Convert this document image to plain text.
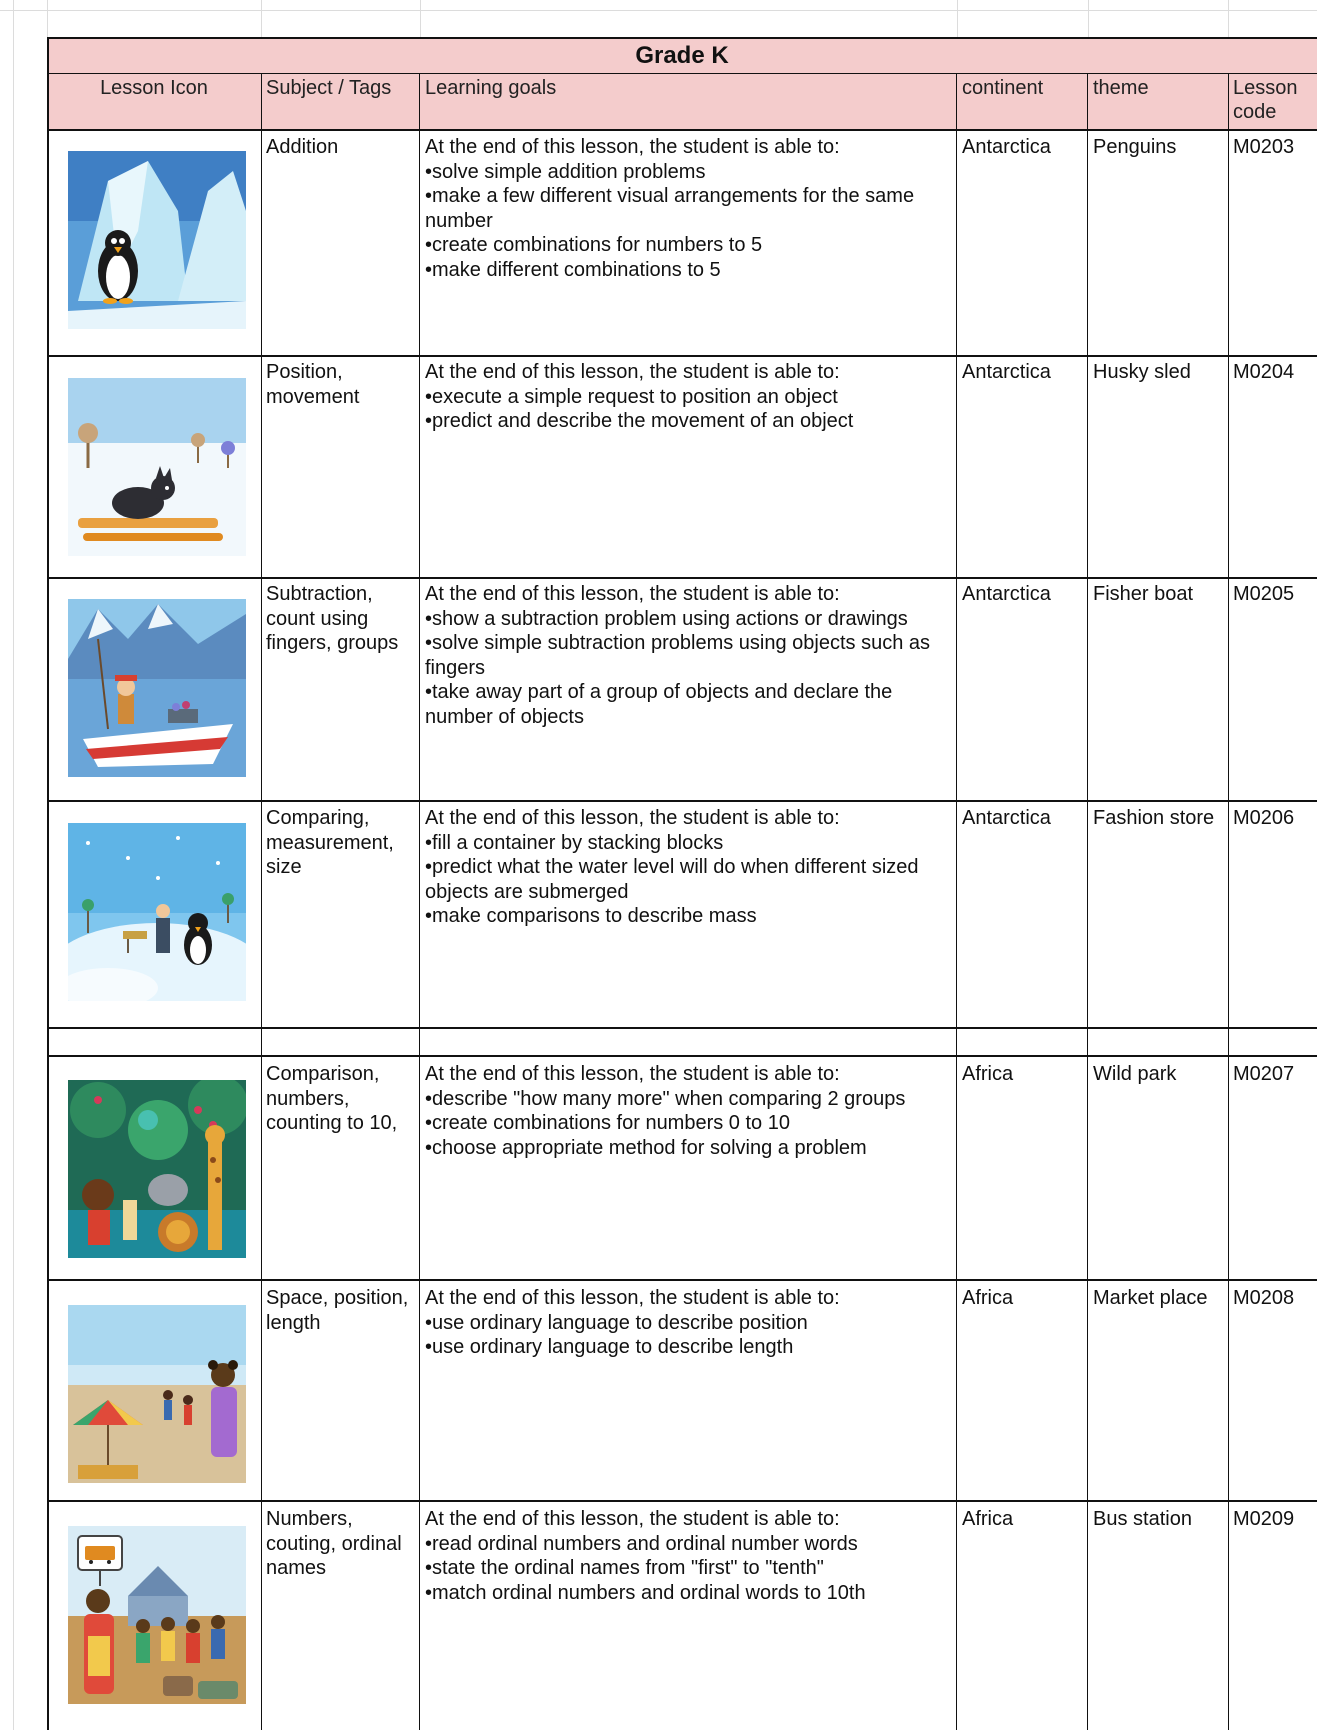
Grade K
Lesson Icon	Subject / Tags	Learning goals	continent	theme	Lesson code
Addition	At the end of this lesson, the student is able to:
•solve simple addition problems
•make a few different visual arrangements for the same number
•create combinations for numbers to 5
•make different combinations to 5
Antarctica	Penguins	M0203
Position, movement
At the end of this lesson, the student is able to:
•execute a simple request to position an object
•predict and describe the movement of an object
Antarctica	Husky sled	M0204
Subtraction, count using fingers, groups
At the end of this lesson, the student is able to:
•show a subtraction problem using actions or drawings
•solve simple subtraction problems using objects such as fingers
•take away part of a group of objects and declare the number of objects
Antarctica	Fisher boat	M0205
Comparing, measurement, size
At the end of this lesson, the student is able to:
•fill a container by stacking blocks
•predict what the water level will do when different sized objects are submerged
•make comparisons to describe mass
Antarctica	Fashion store M0206
Comparison, numbers, counting to 10,
At the end of this lesson, the student is able to:
•describe "how many more" when comparing 2 groups
•create combinations for numbers 0 to 10
•choose appropriate method for solving a problem
Africa	Wild park	M0207
Space, position, length
At the end of this lesson, the student is able to:
•use ordinary language to describe position
•use ordinary language to describe length
Africa	Market place	M0208
Numbers, couting, ordinal names
At the end of this lesson, the student is able to:
•read ordinal numbers and ordinal number words
•state the ordinal names from "first" to "tenth"
•match ordinal numbers and ordinal words to 10th
Africa	Bus station	M0209
